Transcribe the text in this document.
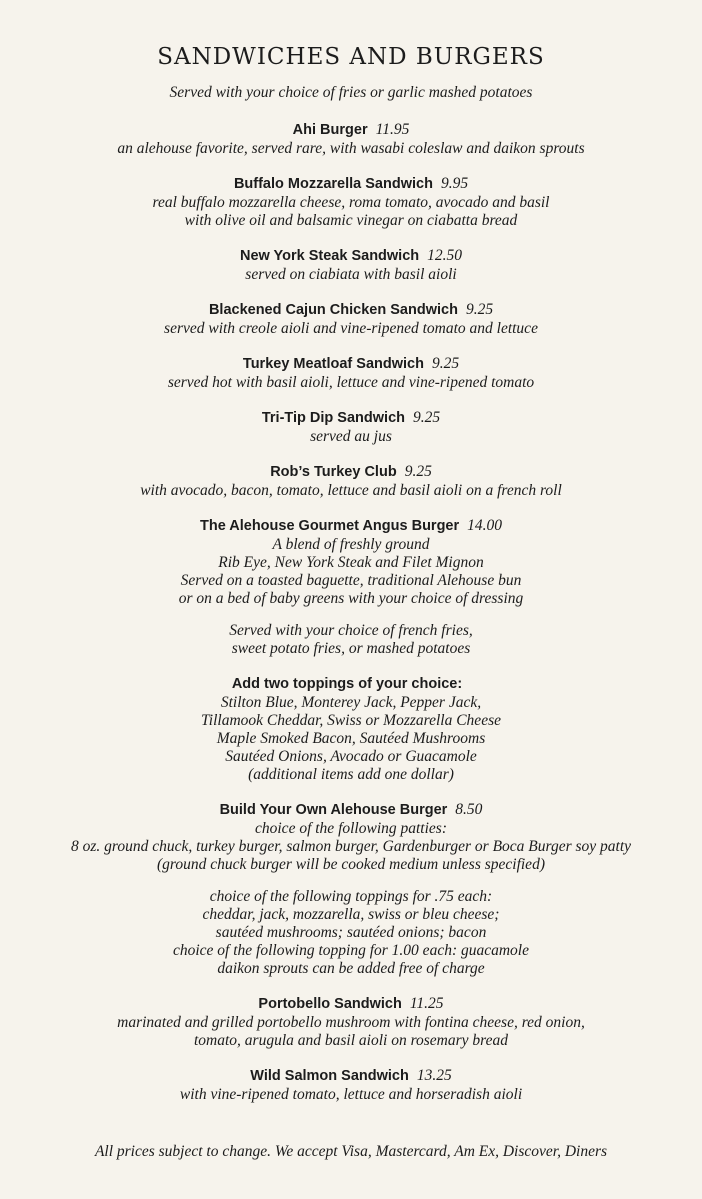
SANDWICHES AND BURGERS
Served with your choice of fries or garlic mashed potatoes
Ahi Burger 11.95
an alehouse favorite, served rare, with wasabi coleslaw and daikon sprouts
Buffalo Mozzarella Sandwich 9.95
real buffalo mozzarella cheese, roma tomato, avocado and basil
with olive oil and balsamic vinegar on ciabatta bread
New York Steak Sandwich 12.50
served on ciabiata with basil aioli
Blackened Cajun Chicken Sandwich 9.25
served with creole aioli and vine-ripened tomato and lettuce
Turkey Meatloaf Sandwich 9.25
served hot with basil aioli, lettuce and vine-ripened tomato
Tri-Tip Dip Sandwich 9.25
served au jus
Rob’s Turkey Club 9.25
with avocado, bacon, tomato, lettuce and basil aioli on a french roll
The Alehouse Gourmet Angus Burger 14.00
A blend of freshly ground
Rib Eye, New York Steak and Filet Mignon
Served on a toasted baguette, traditional Alehouse bun
or on a bed of baby greens with your choice of dressing
Served with your choice of french fries,
sweet potato fries, or mashed potatoes
Add two toppings of your choice:
Stilton Blue, Monterey Jack, Pepper Jack,
Tillamook Cheddar, Swiss or Mozzarella Cheese
Maple Smoked Bacon, Sautéed Mushrooms
Sautéed Onions, Avocado or Guacamole
(additional items add one dollar)
Build Your Own Alehouse Burger 8.50
choice of the following patties:
8 oz. ground chuck, turkey burger, salmon burger, Gardenburger or Boca Burger soy patty
(ground chuck burger will be cooked medium unless specified)
choice of the following toppings for .75 each:
cheddar, jack, mozzarella, swiss or bleu cheese;
sautéed mushrooms; sautéed onions; bacon
choice of the following topping for 1.00 each: guacamole
daikon sprouts can be added free of charge
Portobello Sandwich 11.25
marinated and grilled portobello mushroom with fontina cheese, red onion,
tomato, arugula and basil aioli on rosemary bread
Wild Salmon Sandwich 13.25
with vine-ripened tomato, lettuce and horseradish aioli
All prices subject to change. We accept Visa, Mastercard, Am Ex, Discover, Diners
